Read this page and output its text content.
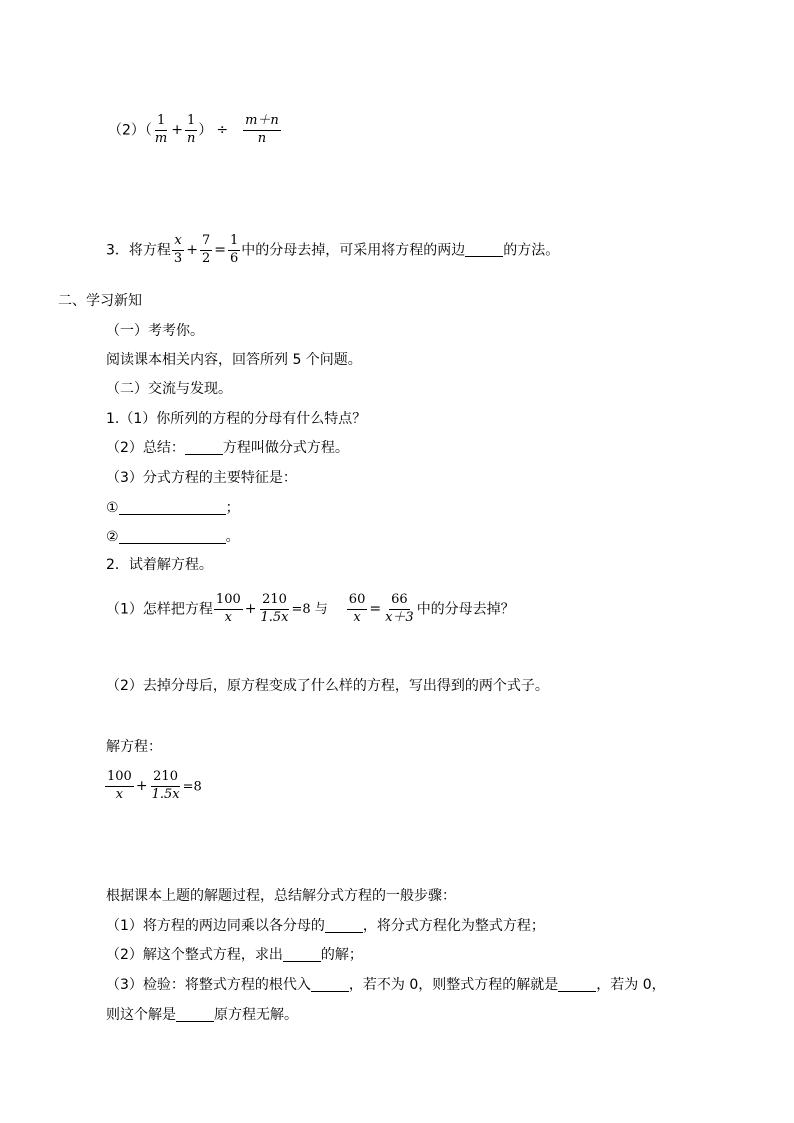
$(2)( \frac{1}{m} + \frac{1}{n}$ ） ÷ $\frac{m+n}{n}$
3．将方程 $\frac{x}{3} + \frac{7}{2} = \frac{1}{6}$ 中的分母去掉，可采用将方程的两边	的方法。
二、学习新知
（一）考考你。
阅读课本相关内容，回答所列 5 个问题。
（二）交流与发现。
1.（1）你所列的方程的分母有什么特点？
（2）总结：	方程叫做分式方程。
（3）分式方程的主要特征是：
①	；
②	。
2．试着解方程。
（1）怎样把方程 $\frac{100}{x} + \frac{210}{1.5x} =8$ 与 $\frac{60}{x} = \frac{66}{x+3}$ 中的分母去掉？
（2）去掉分母后，原方程变成了什么样的方程，写出得到的两个式子。
解方程：
$\frac{100}{x} + \frac{210}{1.5x} =8$
根据课本上题的解题过程，总结解分式方程的一般步骤：
（1）将方程的两边同乘以各分母的	，将分式方程化为整式方程；
（2）解这个整式方程，求出	的解；
（3）检验：将整式方程的根代入	，若不为 0，则整式方程的解就是	，若为 0，
则这个解是	原方程无解。
